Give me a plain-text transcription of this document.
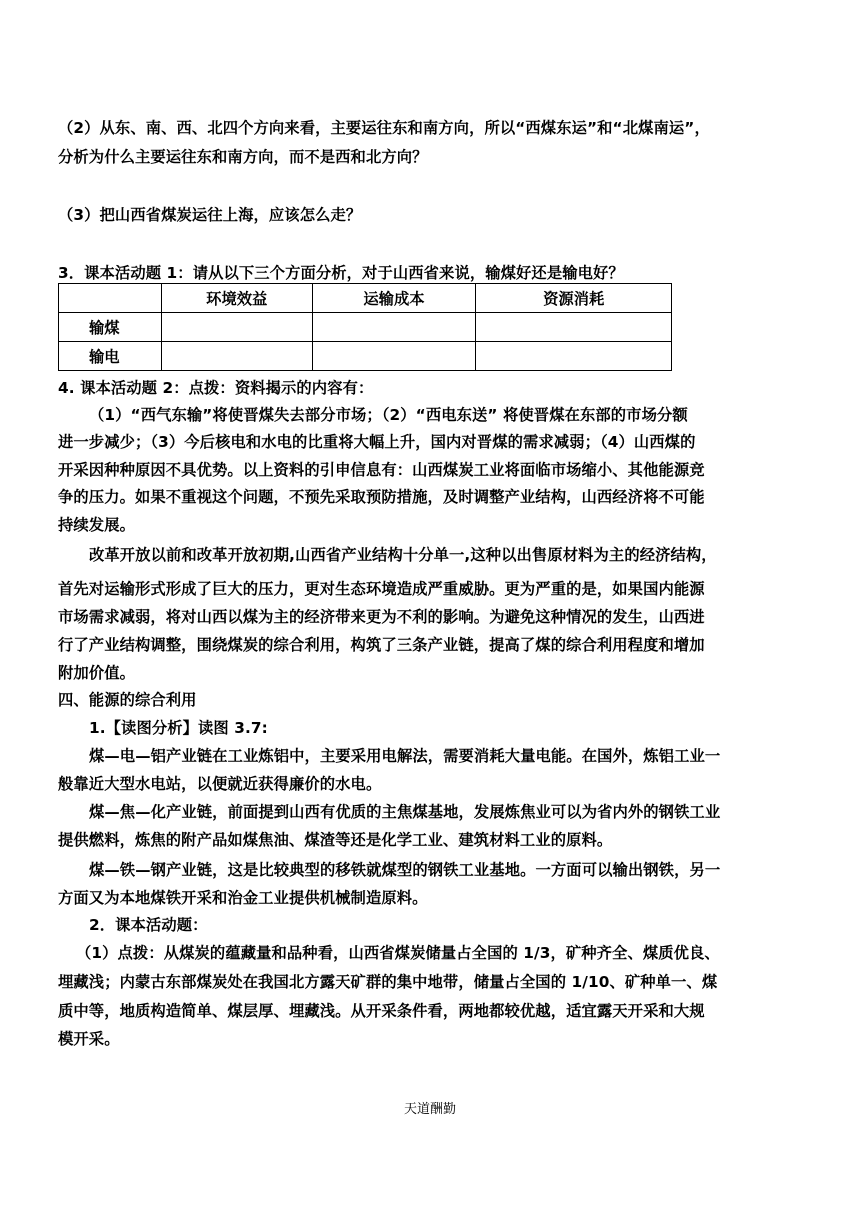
（2）从东、南、西、北四个方向来看，主要运往东和南方向，所以“西煤东运”和“北煤南运”，
分析为什么主要运往东和南方向，而不是西和北方向？
（3）把山西省煤炭运往上海，应该怎么走？
3．课本活动题 1：请从以下三个方面分析，对于山西省来说，输煤好还是输电好？
	环境效益	运输成本	资源消耗
输煤			
输电			
4. 课本活动题 2：点拨：资料揭示的内容有：
（1）“西气东输”将使晋煤失去部分市场；（2）“西电东送” 将使晋煤在东部的市场分额
进一步减少；（3）今后核电和水电的比重将大幅上升，国内对晋煤的需求减弱；（4）山西煤的
开采因种种原因不具优势。以上资料的引申信息有：山西煤炭工业将面临市场缩小、其他能源竞
争的压力。如果不重视这个问题，不预先采取预防措施，及时调整产业结构，山西经济将不可能
持续发展。
改革开放以前和改革开放初期,山西省产业结构十分单一,这种以出售原材料为主的经济结构，
首先对运输形式形成了巨大的压力，更对生态环境造成严重威胁。更为严重的是，如果国内能源
市场需求减弱，将对山西以煤为主的经济带来更为不利的影响。为避免这种情况的发生，山西进
行了产业结构调整，围绕煤炭的综合利用，构筑了三条产业链，提高了煤的综合利用程度和增加
附加价值。
四、能源的综合利用
1.【读图分析】读图 3.7:
煤—电—铝产业链在工业炼铝中，主要采用电解法，需要消耗大量电能。在国外，炼铝工业一
般靠近大型水电站，以便就近获得廉价的水电。
煤—焦—化产业链，前面提到山西有优质的主焦煤基地，发展炼焦业可以为省内外的钢铁工业
提供燃料，炼焦的附产品如煤焦油、煤渣等还是化学工业、建筑材料工业的原料。
煤—铁—钢产业链，这是比较典型的移铁就煤型的钢铁工业基地。一方面可以输出钢铁，另一
方面又为本地煤铁开采和治金工业提供机械制造原料。
2．课本活动题：
（1）点拨：从煤炭的蕴藏量和品种看，山西省煤炭储量占全国的 1/3，矿种齐全、煤质优良、
埋藏浅；内蒙古东部煤炭处在我国北方露天矿群的集中地带，储量占全国的 1/10、矿种单一、煤
质中等，地质构造简单、煤层厚、埋藏浅。从开采条件看，两地都较优越，适宜露天开采和大规
模开采。
天道酬勤
